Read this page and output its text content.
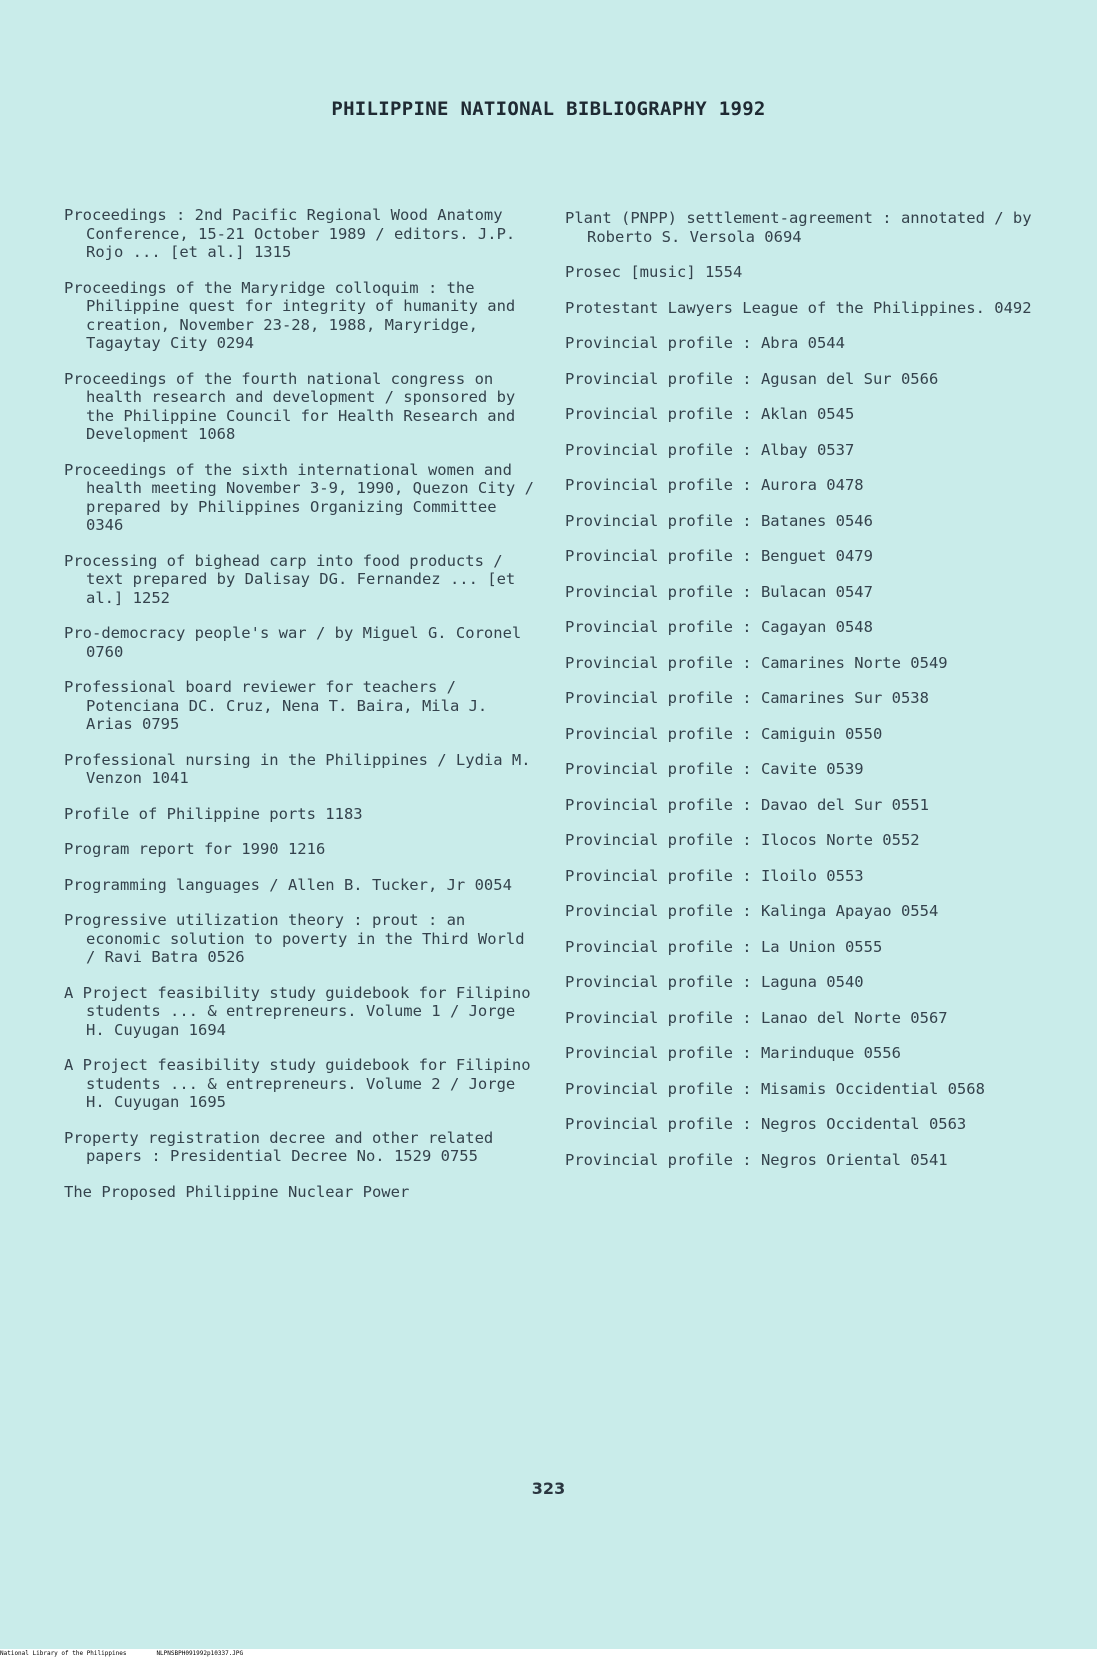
PHILIPPINE NATIONAL BIBLIOGRAPHY 1992
Proceedings : 2nd Pacific Regional Wood Anatomy Conference, 15-21 October 1989 / editors. J.P. Rojo ... [et al.] 1315
Proceedings of the Maryridge colloquim : the Philippine quest for integrity of humanity and creation, November 23-28, 1988, Maryridge, Tagaytay City 0294
Proceedings of the fourth national congress on health research and development / sponsored by the Philippine Council for Health Research and Development 1068
Proceedings of the sixth international women and health meeting November 3-9, 1990, Quezon City / prepared by Philippines Organizing Committee 0346
Processing of bighead carp into food products / text prepared by Dalisay DG. Fernandez ... [et al.] 1252
Pro-democracy people's war / by Miguel G. Coronel 0760
Professional board reviewer for teachers / Potenciana DC. Cruz, Nena T. Baira, Mila J. Arias 0795
Professional nursing in the Philippines / Lydia M. Venzon 1041
Profile of Philippine ports 1183
Program report for 1990 1216
Programming languages / Allen B. Tucker, Jr 0054
Progressive utilization theory : prout : an economic solution to poverty in the Third World / Ravi Batra 0526
A Project feasibility study guidebook for Filipino students ... & entrepreneurs. Volume 1 / Jorge H. Cuyugan 1694
A Project feasibility study guidebook for Filipino students ... & entrepreneurs. Volume 2 / Jorge H. Cuyugan 1695
Property registration decree and other related papers : Presidential Decree No. 1529 0755
The Proposed Philippine Nuclear Power
Plant (PNPP) settlement-agreement : annotated / by Roberto S. Versola 0694
Prosec [music] 1554
Protestant Lawyers League of the Philippines. 0492
Provincial profile : Abra 0544
Provincial profile : Agusan del Sur 0566
Provincial profile : Aklan 0545
Provincial profile : Albay 0537
Provincial profile : Aurora 0478
Provincial profile : Batanes 0546
Provincial profile : Benguet 0479
Provincial profile : Bulacan 0547
Provincial profile : Cagayan 0548
Provincial profile : Camarines Norte 0549
Provincial profile : Camarines Sur 0538
Provincial profile : Camiguin 0550
Provincial profile : Cavite 0539
Provincial profile : Davao del Sur 0551
Provincial profile : Ilocos Norte 0552
Provincial profile : Iloilo 0553
Provincial profile : Kalinga Apayao 0554
Provincial profile : La Union 0555
Provincial profile : Laguna 0540
Provincial profile : Lanao del Norte 0567
Provincial profile : Marinduque 0556
Provincial profile : Misamis Occidential 0568
Provincial profile : Negros Occidental 0563
Provincial profile : Negros Oriental 0541
323
National Library of the Philippines	NLPNSBPH091992p10337.JPG
